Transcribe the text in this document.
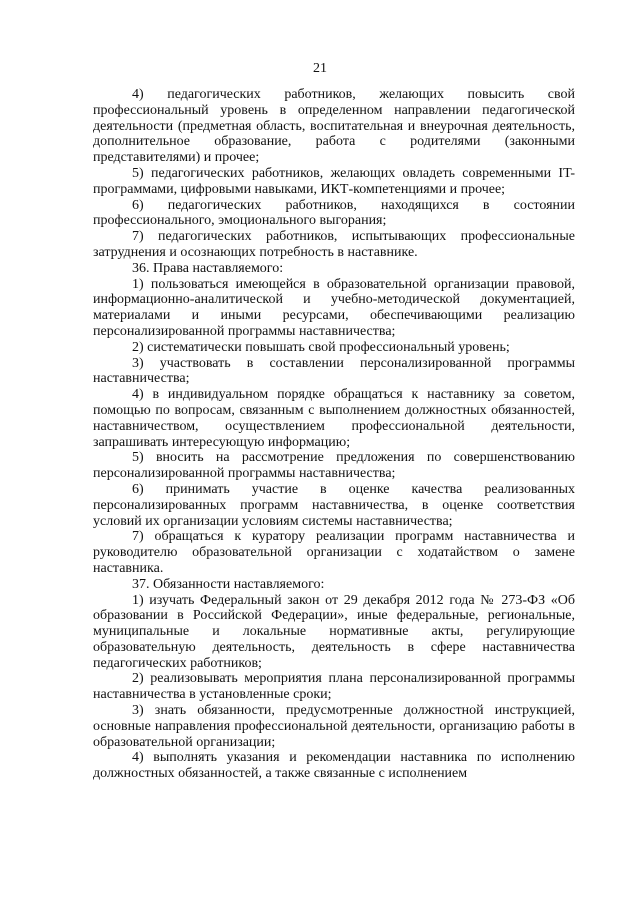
21

4) педагогических работников, желающих повысить свой профессиональный уровень в определенном направлении педагогической деятельности (предметная область, воспитательная и внеурочная деятельность, дополнительное образование, работа с родителями (законными представителями) и прочее;

5) педагогических работников, желающих овладеть современными IT-программами, цифровыми навыками, ИКТ-компетенциями и прочее;

6) педагогических работников, находящихся в состоянии профессионального, эмоционального выгорания;

7) педагогических работников, испытывающих профессиональные затруднения и осознающих потребность в наставнике.

36. Права наставляемого:

1) пользоваться имеющейся в образовательной организации правовой, информационно-аналитической и учебно-методической документацией, материалами и иными ресурсами, обеспечивающими реализацию персонализированной программы наставничества;

2) систематически повышать свой профессиональный уровень;

3) участвовать в составлении персонализированной программы наставничества;

4) в индивидуальном порядке обращаться к наставнику за советом, помощью по вопросам, связанным с выполнением должностных обязанностей, наставничеством, осуществлением профессиональной деятельности, запрашивать интересующую информацию;

5) вносить на рассмотрение предложения по совершенствованию персонализированной программы наставничества;

6) принимать участие в оценке качества реализованных персонализированных программ наставничества, в оценке соответствия условий их организации условиям системы наставничества;

7) обращаться к куратору реализации программ наставничества и руководителю образовательной организации с ходатайством о замене наставника.

37. Обязанности наставляемого:

1) изучать Федеральный закон от 29 декабря 2012 года № 273-ФЗ «Об образовании в Российской Федерации», иные федеральные, региональные, муниципальные и локальные нормативные акты, регулирующие образовательную деятельность, деятельность в сфере наставничества педагогических работников;

2) реализовывать мероприятия плана персонализированной программы наставничества в установленные сроки;

3) знать обязанности, предусмотренные должностной инструкцией, основные направления профессиональной деятельности, организацию работы в образовательной организации;

4) выполнять указания и рекомендации наставника по исполнению должностных обязанностей, а также связанные с исполнением
